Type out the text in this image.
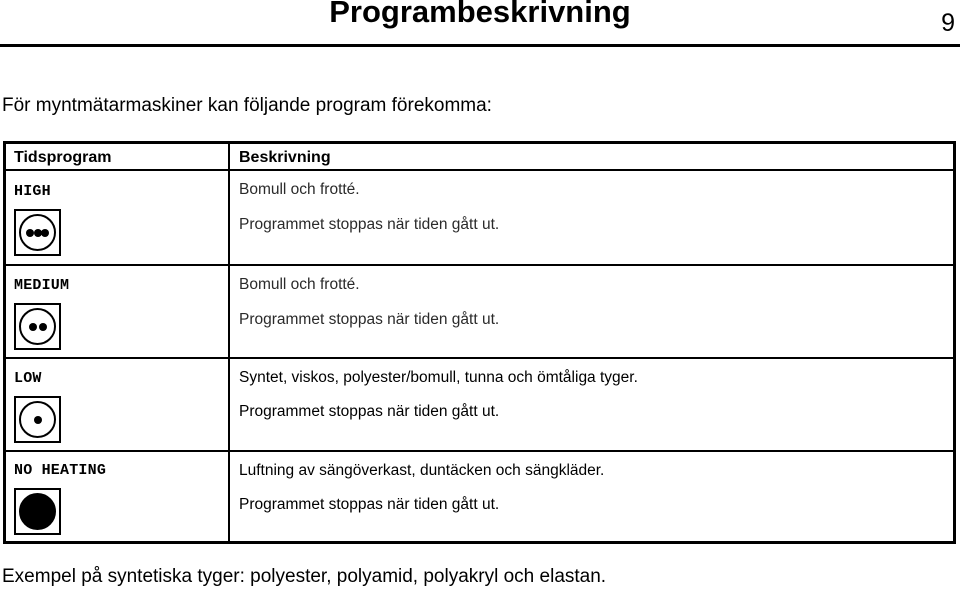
Programbeskrivning	9
För myntmätarmaskiner kan följande program förekomma:
Tidsprogram	Beskrivning
HIGH	Bomull och frotté.
Programmet stoppas när tiden gått ut.
MEDIUM	Bomull och frotté.
Programmet stoppas när tiden gått ut.
LOW	Syntet, viskos, polyester/bomull, tunna och ömtåliga tyger.
Programmet stoppas när tiden gått ut.
NO HEATING	Luftning av sängöverkast, duntäcken och sängkläder.
Programmet stoppas när tiden gått ut.
Exempel på syntetiska tyger: polyester, polyamid, polyakryl och elastan.
